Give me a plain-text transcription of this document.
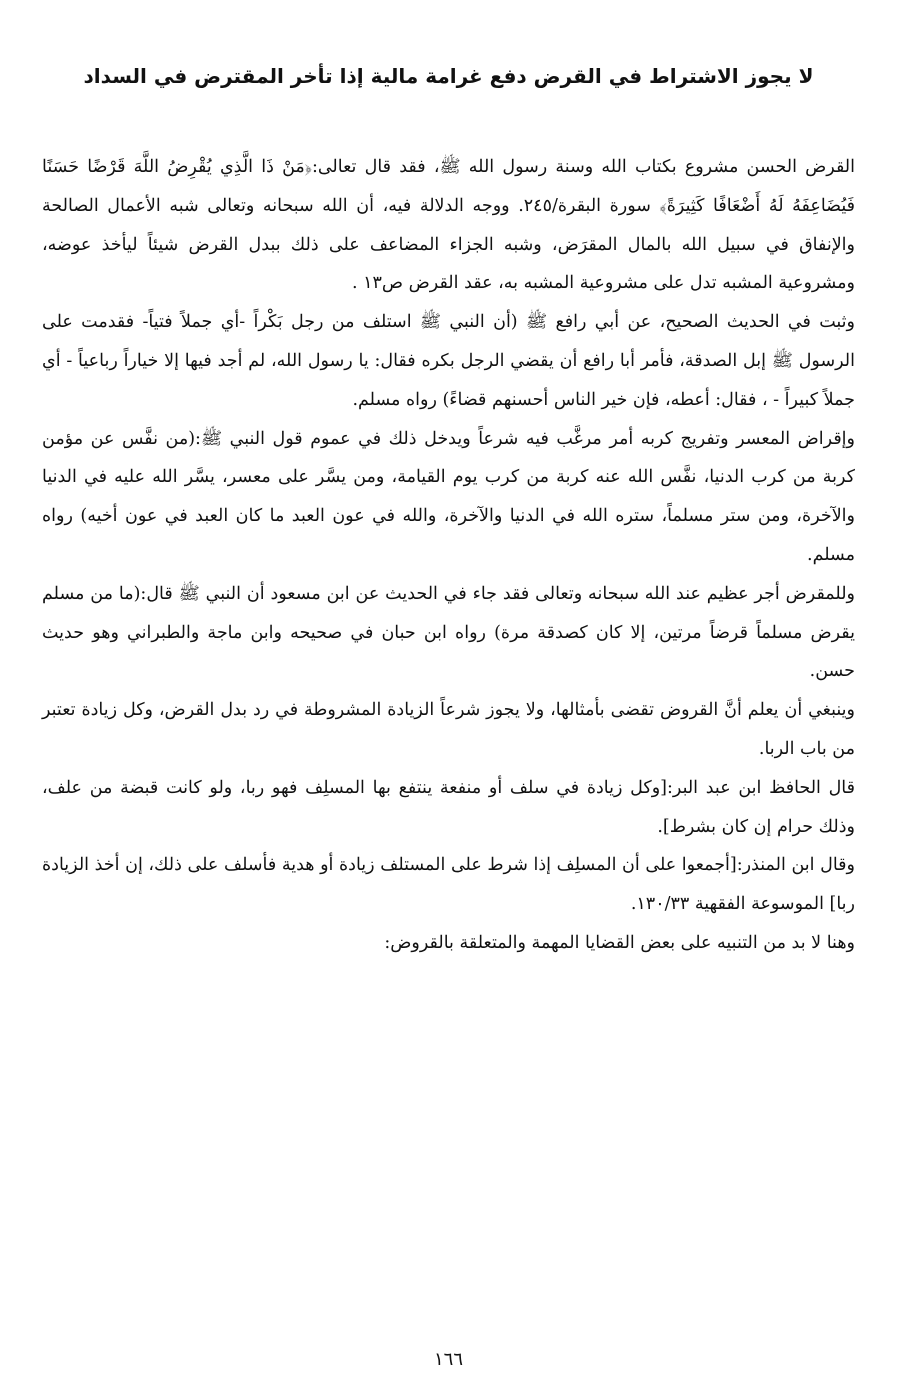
لا يجوز الاشتراط في القرض دفع غرامة مالية إذا تأخر المقترض في السداد

القرض الحسن مشروع بكتاب الله وسنة رسول الله ﷺ، فقد قال تعالى:﴿مَنْ ذَا الَّذِي يُقْرِضُ اللَّهَ قَرْضًا حَسَنًا فَيُضَاعِفَهُ لَهُ أَضْعَافًا كَثِيرَةً﴾ سورة البقرة/٢٤٥. ووجه الدلالة فيه، أن الله سبحانه وتعالى شبه الأعمال الصالحة والإنفاق في سبيل الله بالمال المقرَض، وشبه الجزاء المضاعف على ذلك ببدل القرض شيئاً ليأخذ عوضه، ومشروعية المشبه تدل على مشروعية المشبه به، عقد القرض ص١٣ .

وثبت في الحديث الصحيح، عن أبي رافع ﷺ (أن النبي ﷺ استلف من رجل بَكْراً -أي جملاً فتياً- فقدمت على الرسول ﷺ إبل الصدقة، فأمر أبا رافع أن يقضي الرجل بكره فقال: يا رسول الله، لم أجد فيها إلا خياراً رباعياً - أي جملاً كبيراً - ، فقال: أعطه، فإن خير الناس أحسنهم قضاءً) رواه مسلم.

وإقراض المعسر وتفريج كربه أمر مرغَّب فيه شرعاً ويدخل ذلك في عموم قول النبي ﷺ:(من نفَّس عن مؤمن كربة من كرب الدنيا، نفَّس الله عنه كربة من كرب يوم القيامة، ومن يسَّر على معسر، يسَّر الله عليه في الدنيا والآخرة، ومن ستر مسلماً، ستره الله في الدنيا والآخرة، والله في عون العبد ما كان العبد في عون أخيه) رواه مسلم.

وللمقرض أجر عظيم عند الله سبحانه وتعالى فقد جاء في الحديث عن ابن مسعود أن النبي ﷺ قال:(ما من مسلم يقرض مسلماً قرضاً مرتين، إلا كان كصدقة مرة) رواه ابن حبان في صحيحه وابن ماجة والطبراني وهو حديث حسن.

وينبغي أن يعلم أنَّ القروض تقضى بأمثالها، ولا يجوز شرعاً الزيادة المشروطة في رد بدل القرض، وكل زيادة تعتبر من باب الربا.

قال الحافظ ابن عبد البر:[وكل زيادة في سلف أو منفعة ينتفع بها المسلِف فهو ربا، ولو كانت قبضة من علف، وذلك حرام إن كان بشرط].

وقال ابن المنذر:[أجمعوا على أن المسلِف إذا شرط على المستلف زيادة أو هدية فأسلف على ذلك، إن أخذ الزيادة ربا] الموسوعة الفقهية ١٣٠/٣٣.

وهنا لا بد من التنبيه على بعض القضايا المهمة والمتعلقة بالقروض:

١٦٦
